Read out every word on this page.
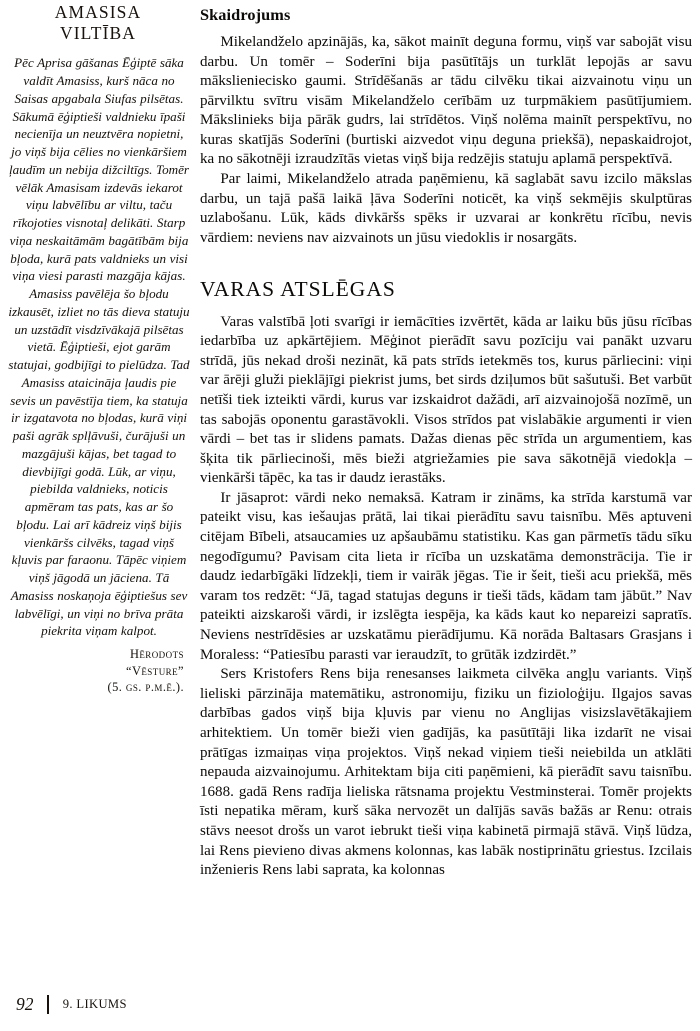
AMASISA
VILTĪBA

Pēc Aprisa gāšanas Ēģiptē sāka valdīt Amasiss, kurš nāca no Saisas apgabala Siufas pilsētas. Sākumā ēģiptieši valdnieku īpaši necienīja un neuztvēra nopietni, jo viņš bija cēlies no vienkāršiem ļaudīm un nebija dižciltīgs. Tomēr vēlāk Amasisam izdevās iekarot viņu labvēlību ar viltu, taču rīkojoties visnotaļ delikāti. Starp viņa neskaitāmām bagātībām bija bļoda, kurā pats valdnieks un visi viņa viesi parasti mazgāja kājas. Amasiss pavēlēja šo bļodu izkausēt, izliet no tās dieva statuju un uzstādīt visdzīvākajā pilsētas vietā. Ēģiptieši, ejot garām statujai, godbijīgi to pielūdza. Tad Amasiss ataicināja ļaudis pie sevis un pavēstīja tiem, ka statuja ir izgatavota no bļodas, kurā viņi paši agrāk splļāvuši, čurājuši un mazgājuši kājas, bet tagad to dievbijīgi godā. Lūk, ar viņu, piebilda valdnieks, noticis apmēram tas pats, kas ar šo bļodu. Lai arī kādreiz viņš bijis vienkāršs cilvēks, tagad viņš kļuvis par faraonu. Tāpēc viņiem viņš jāgodā un jāciena. Tā Amasiss noskaņoja ēģiptiešus sev labvēlīgi, un viņi no brīva prāta piekrita viņam kalpot.

Hērodots
“Vēsture”
(5. gs. p.m.ē.).
Skaidrojums

Mikelandželo apzinājās, ka, sākot mainīt deguna formu, viņš var sabojāt visu darbu. Un tomēr – Soderīni bija pasūtītājs un turklāt lepojās ar savu mākslieniecisko gaumi. Strīdēšanās ar tādu cilvēku tikai aizvainotu viņu un pārvilktu svītru visām Mikelandželo cerībām uz turpmākiem pasūtījumiem. Mākslinieks bija pārāk gudrs, lai strīdētos. Viņš nolēma mainīt perspektīvu, no kuras skatījās Soderīni (burtiski aizvedot viņu deguna priekšā), nepaskaidrojot, ka no sākotnēji izraudzītās vietas viņš bija redzējis statuju aplamā perspektīvā.

Par laimi, Mikelandželo atrada paņēmienu, kā saglabāt savu izcilo mākslas darbu, un tajā pašā laikā ļāva Soderīni noticēt, ka viņš sekmējis skulptūras uzlabošanu. Lūk, kāds divkāršs spēks ir uzvarai ar konkrētu rīcību, nevis vārdiem: neviens nav aizvainots un jūsu viedoklis ir nosargāts.

VARAS ATSLĒGAS

Varas valstībā ļoti svarīgi ir iemācīties izvērtēt, kāda ar laiku būs jūsu rīcības iedarbība uz apkārtējiem. Mēģinot pierādīt savu pozīciju vai panākt uzvaru strīdā, jūs nekad droši nezināt, kā pats strīds ietekmēs tos, kurus pārliecini: viņi var ārēji gluži pieklājīgi piekrist jums, bet sirds dziļumos būt sašutuši. Bet varbūt netīši tiek izteikti vārdi, kurus var izskaidrot dažādi, arī aizvainojošā nozīmē, un tas sabojās oponentu garastāvokli. Visos strīdos pat vislabākie argumenti ir vien vārdi – bet tas ir slidens pamats. Dažas dienas pēc strīda un argumentiem, kas šķita tik pārliecinoši, mēs bieži atgriežamies pie sava sākotnējā viedokļa – vienkārši tāpēc, ka tas ir daudz ierastāks.

Ir jāsaprot: vārdi neko nemaksā. Katram ir zināms, ka strīda karstumā var pateikt visu, kas iešaujas prātā, lai tikai pierādītu savu taisnību. Mēs aptuveni citējam Bībeli, atsaucamies uz apšaubāmu statistiku. Kas gan pārmetīs tādu sīku negodīgumu? Pavisam cita lieta ir rīcība un uzskatāma demonstrācija. Tie ir daudz iedarbīgāki līdzekļi, tiem ir vairāk jēgas. Tie ir šeit, tieši acu priekšā, mēs varam tos redzēt: “Jā, tagad statujas deguns ir tieši tāds, kādam tam jābūt.” Nav pateikti aizskaroši vārdi, ir izslēgta iespēja, ka kāds kaut ko nepareizi sapratīs. Neviens nestrīdēsies ar uzskatāmu pierādījumu. Kā norāda Baltasars Grasjans i Moraless: “Patiesību parasti var ieraudzīt, to grūtāk izdzirdēt.”

Sers Kristofers Rens bija renesanses laikmeta cilvēka angļu variants. Viņš lieliski pārzināja matemātiku, astronomiju, fiziku un fizioloģiju. Ilgajos savas darbības gados viņš bija kļuvis par vienu no Anglijas visizslavētākajiem arhitektiem. Un tomēr bieži vien gadījās, ka pasūtītāji lika izdarīt ne visai prātīgas izmaiņas viņa projektos. Viņš nekad viņiem tieši neiebilda un atklāti nepauda aizvainojumu. Arhitektam bija citi paņēmieni, kā pierādīt savu taisnību. 1688. gadā Rens radīja lieliska rātsnama projektu Vestminsterai. Tomēr projekts īsti nepatika mēram, kurš sāka nervozēt un dalījās savās bažās ar Renu: otrais stāvs neesot drošs un varot iebrukt tieši viņa kabinetā pirmajā stāvā. Viņš lūdza, lai Rens pievieno divas akmens kolonnas, kas labāk nostiprinātu griestus. Izcilais inženieris Rens labi saprata, ka kolonnas

92	9. LIKUMS
